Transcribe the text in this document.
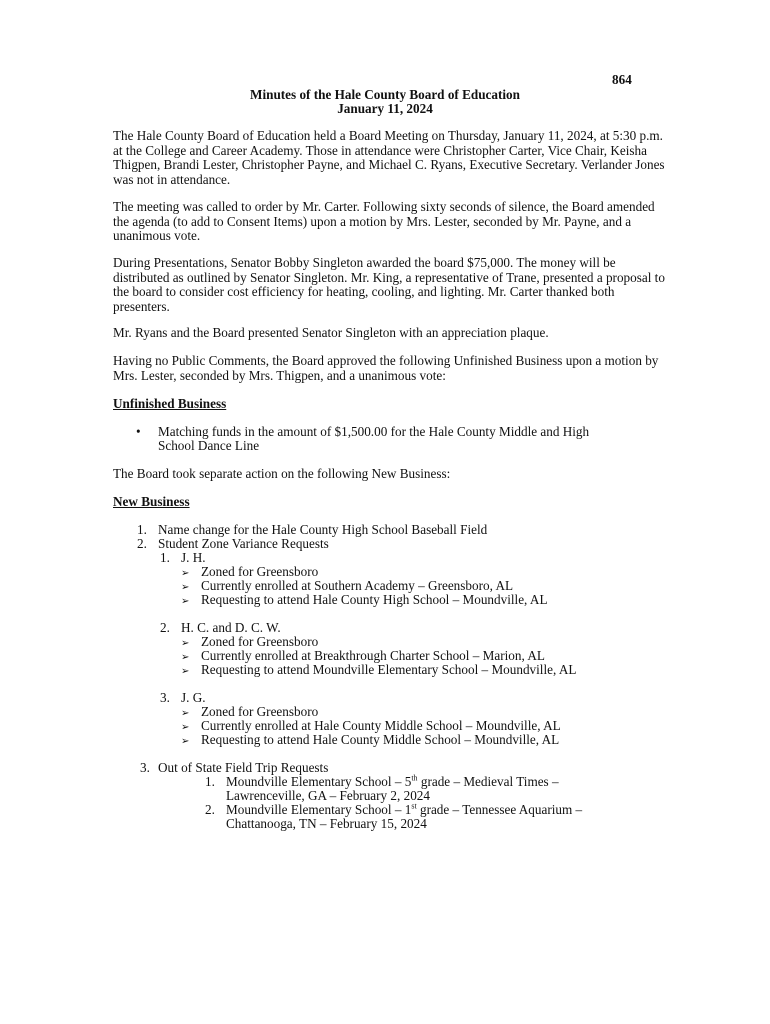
864
Minutes of the Hale County Board of Education
January 11, 2024

The Hale County Board of Education held a Board Meeting on Thursday, January 11, 2024, at 5:30 p.m. at the College and Career Academy. Those in attendance were Christopher Carter, Vice Chair, Keisha Thigpen, Brandi Lester, Christopher Payne, and Michael C. Ryans, Executive Secretary. Verlander Jones was not in attendance.

The meeting was called to order by Mr. Carter. Following sixty seconds of silence, the Board amended the agenda (to add to Consent Items) upon a motion by Mrs. Lester, seconded by Mr. Payne, and a unanimous vote.

During Presentations, Senator Bobby Singleton awarded the board $75,000. The money will be distributed as outlined by Senator Singleton. Mr. King, a representative of Trane, presented a proposal to the board to consider cost efficiency for heating, cooling, and lighting. Mr. Carter thanked both presenters.

Mr. Ryans and the Board presented Senator Singleton with an appreciation plaque.

Having no Public Comments, the Board approved the following Unfinished Business upon a motion by Mrs. Lester, seconded by Mrs. Thigpen, and a unanimous vote:

Unfinished Business
• Matching funds in the amount of $1,500.00 for the Hale County Middle and High
School Dance Line
The Board took separate action on the following New Business:
New Business
1. Name change for the Hale County High School Baseball Field
2. Student Zone Variance Requests
1. J. H.
➢ Zoned for Greensboro
➢ Currently enrolled at Southern Academy – Greensboro, AL
➢ Requesting to attend Hale County High School – Moundville, AL
2. H. C. and D. C. W.
➢ Zoned for Greensboro
➢ Currently enrolled at Breakthrough Charter School – Marion, AL
➢ Requesting to attend Moundville Elementary School – Moundville, AL
3. J. G.
➢ Zoned for Greensboro
➢ Currently enrolled at Hale County Middle School – Moundville, AL
➢ Requesting to attend Hale County Middle School – Moundville, AL
3. Out of State Field Trip Requests
1. Moundville Elementary School – 5th grade – Medieval Times –
Lawrenceville, GA – February 2, 2024
2. Moundville Elementary School – 1st grade – Tennessee Aquarium –
Chattanooga, TN – February 15, 2024
